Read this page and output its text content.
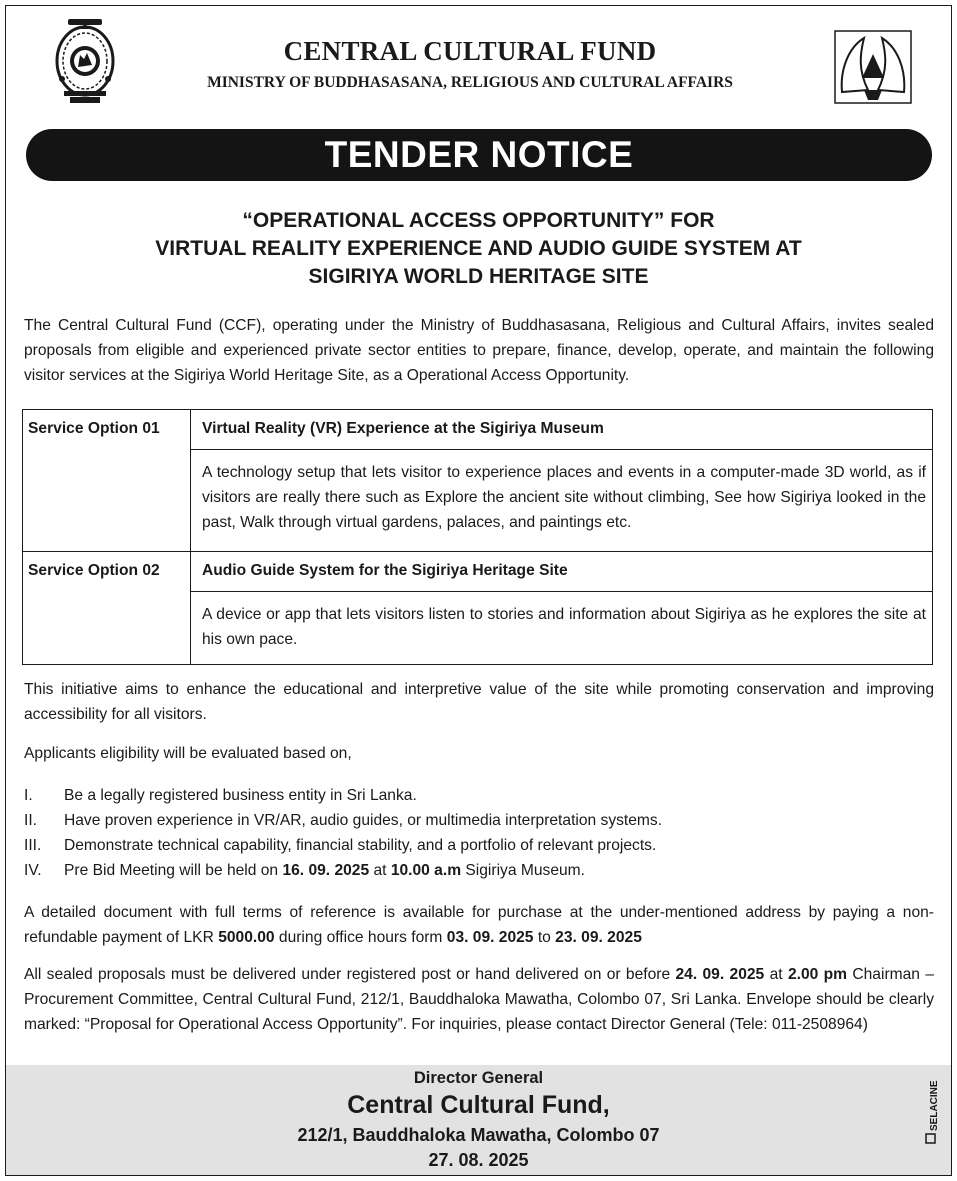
CENTRAL CULTURAL FUND
MINISTRY OF BUDDHASASANA, RELIGIOUS AND CULTURAL AFFAIRS
TENDER NOTICE
“OPERATIONAL ACCESS OPPORTUNITY” FOR
VIRTUAL REALITY EXPERIENCE AND AUDIO GUIDE SYSTEM AT
SIGIRIYA WORLD HERITAGE SITE
The Central Cultural Fund (CCF), operating under the Ministry of Buddhasasana, Religious and Cultural Affairs, invites sealed proposals from eligible and experienced private sector entities to prepare, finance, develop, operate, and maintain the following visitor services at the Sigiriya World Heritage Site, as a Operational Access Opportunity.
Service Option 01	Virtual Reality (VR) Experience at the Sigiriya Museum
	A technology setup that lets visitor to experience places and events in a computer-made 3D world, as if visitors are really there such as Explore the ancient site without climbing, See how Sigiriya looked in the past, Walk through virtual gardens, palaces, and paintings etc.
Service Option 02	Audio Guide System for the Sigiriya Heritage Site
	A device or app that lets visitors listen to stories and information about Sigiriya as he explores the site at his own pace.
This initiative aims to enhance the educational and interpretive value of the site while promoting conservation and improving accessibility for all visitors.
Applicants eligibility will be evaluated based on,
I. Be a legally registered business entity in Sri Lanka.
II. Have proven experience in VR/AR, audio guides, or multimedia interpretation systems.
III. Demonstrate technical capability, financial stability, and a portfolio of relevant projects.
IV. Pre Bid Meeting will be held on 16. 09. 2025 at 10.00 a.m Sigiriya Museum.
A detailed document with full terms of reference is available for purchase at the under-mentioned address by paying a non-refundable payment of LKR 5000.00 during office hours form 03. 09. 2025 to 23. 09. 2025
All sealed proposals must be delivered under registered post or hand delivered on or before 24. 09. 2025 at 2.00 pm Chairman – Procurement Committee, Central Cultural Fund, 212/1, Bauddhaloka Mawatha, Colombo 07, Sri Lanka. Envelope should be clearly marked: “Proposal for Operational Access Opportunity”. For inquiries, please contact Director General (Tele: 011-2508964)
Director General
Central Cultural Fund,
212/1, Bauddhaloka Mawatha, Colombo 07
27. 08. 2025
SELACINE
